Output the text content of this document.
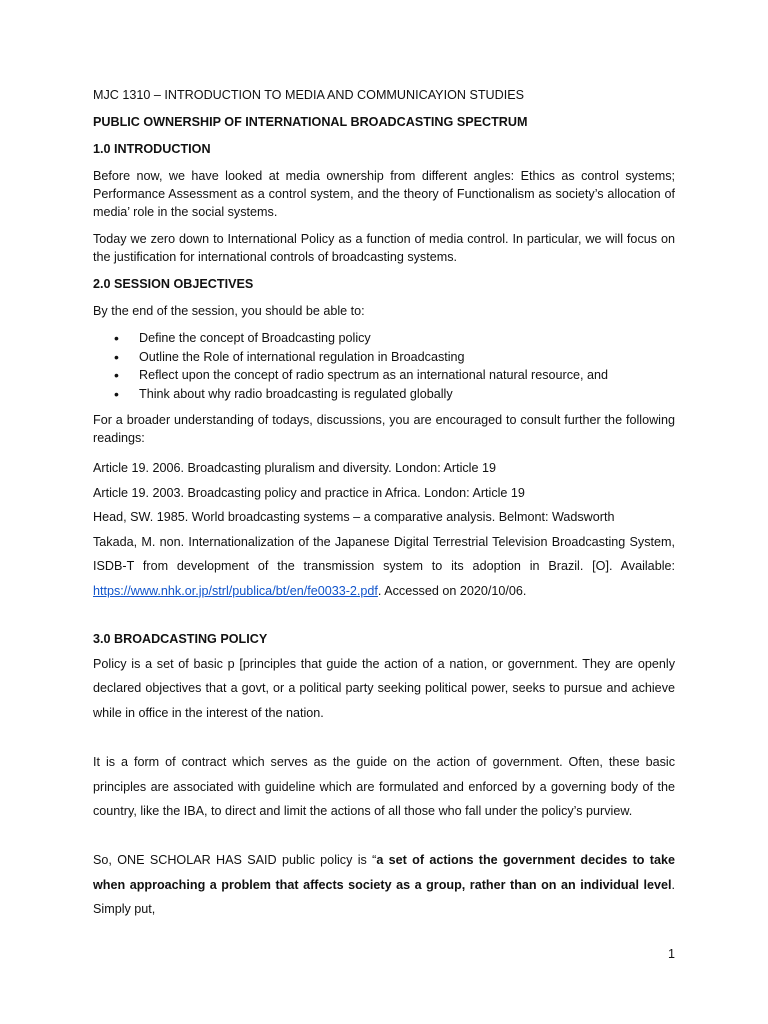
MJC 1310 – INTRODUCTION TO MEDIA AND COMMUNICAYION STUDIES

PUBLIC OWNERSHIP OF INTERNATIONAL BROADCASTING SPECTRUM

1.0 INTRODUCTION

Before now, we have looked at media ownership from different angles: Ethics as control systems; Performance Assessment as a control system, and the theory of Functionalism as society’s allocation of media’ role in the social systems.

Today we zero down to International Policy as a function of media control. In particular, we will focus on the justification for international controls of broadcasting systems.

2.0 SESSION OBJECTIVES

By the end of the session, you should be able to:

• Define the concept of Broadcasting policy
• Outline the Role of international regulation in Broadcasting
• Reflect upon the concept of radio spectrum as an international natural resource, and
• Think about why radio broadcasting is regulated globally

For a broader understanding of todays, discussions, you are encouraged to consult further the following readings:

Article 19. 2006. Broadcasting pluralism and diversity. London: Article 19

Article 19. 2003. Broadcasting policy and practice in Africa. London: Article 19

Head, SW. 1985. World broadcasting systems – a comparative analysis. Belmont: Wadsworth

Takada, M. non. Internationalization of the Japanese Digital Terrestrial Television Broadcasting System, ISDB-T from development of the transmission system to its adoption in Brazil. [O]. Available: https://www.nhk.or.jp/strl/publica/bt/en/fe0033-2.pdf. Accessed on 2020/10/06.

3.0 BROADCASTING POLICY

Policy is a set of basic p [principles that guide the action of a nation, or government. They are openly declared objectives that a govt, or a political party seeking political power, seeks to pursue and achieve while in office in the interest of the nation.

It is a form of contract which serves as the guide on the action of government. Often, these basic principles are associated with guideline which are formulated and enforced by a governing body of the country, like the IBA, to direct and limit the actions of all those who fall under the policy’s purview.

So, ONE SCHOLAR HAS SAID public policy is “a set of actions the government decides to take when approaching a problem that affects society as a group, rather than on an individual level. Simply put,

1
